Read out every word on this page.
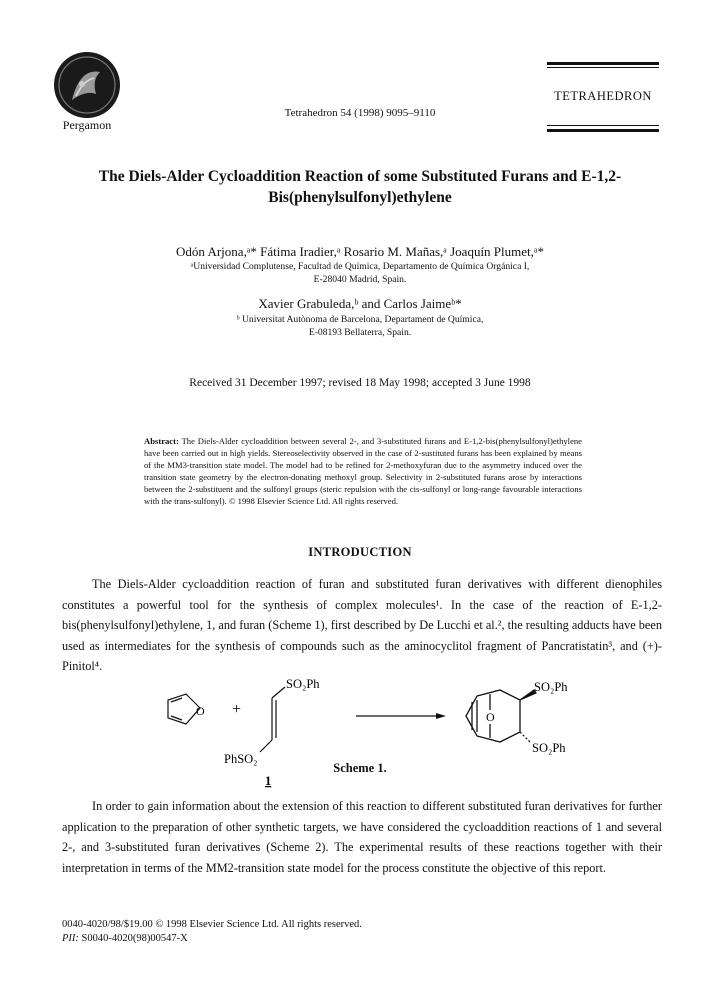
Pergamon
Tetrahedron 54 (1998) 9095–9110
TETRAHEDRON
The Diels-Alder Cycloaddition Reaction of some Substituted Furans and E-1,2-
Bis(phenylsulfonyl)ethylene
Odón Arjona,ᵃ* Fátima Iradier,ᵃ Rosario M. Mañas,ᵃ Joaquín Plumet,ᵃ*
ᵃUniversidad Complutense, Facultad de Química, Departamento de Química Orgánica I,
E-28040 Madrid, Spain.
Xavier Grabuleda,ᵇ and Carlos Jaimeᵇ*
ᵇ Universitat Autònoma de Barcelona, Departament de Química,
E-08193 Bellaterra, Spain.
Received 31 December 1997; revised 18 May 1998; accepted 3 June 1998
Abstract: The Diels-Alder cycloaddition between several 2-, and 3-substituted furans and E-1,2-bis(phenylsulfonyl)ethylene have been carried out in high yields. Stereoselectivity observed in the case of 2-sustituted furans has been explained by means of the MM3-transition state model. The model had to be refined for 2-methoxyfuran due to the asymmetry induced over the transition state geometry by the electron-donating methoxyl group. Selectivity in 2-substituted furans arose by interactions between the 2-substituent and the sulfonyl groups (steric repulsion with the cis-sulfonyl or long-range favourable interactions with the trans-sulfonyl). © 1998 Elsevier Science Ltd. All rights reserved.
INTRODUCTION
The Diels-Alder cycloaddition reaction of furan and substituted furan derivatives with different dienophiles constitutes a powerful tool for the synthesis of complex molecules¹. In the case of the reaction of E-1,2-bis(phenylsulfonyl)ethylene, 1, and furan (Scheme 1), first described by De Lucchi et al.², the resulting adducts have been used as intermediates for the synthesis of compounds such as the aminocyclitol fragment of Pancratistatin³, and (+)-Pinitol⁴.
O +
SO₂Ph
PhSO₂
1
O
SO₂Ph
SO₂Ph
Scheme 1.
In order to gain information about the extension of this reaction to different substituted furan derivatives for further application to the preparation of other synthetic targets, we have considered the cycloaddition reactions of 1 and several 2-, and 3-substituted furan derivatives (Scheme 2). The experimental results of these reactions together with their interpretation in terms of the MM2-transition state model for the process constitute the objective of this report.
0040-4020/98/$19.00 © 1998 Elsevier Science Ltd. All rights reserved.
PII: S0040-4020(98)00547-X
